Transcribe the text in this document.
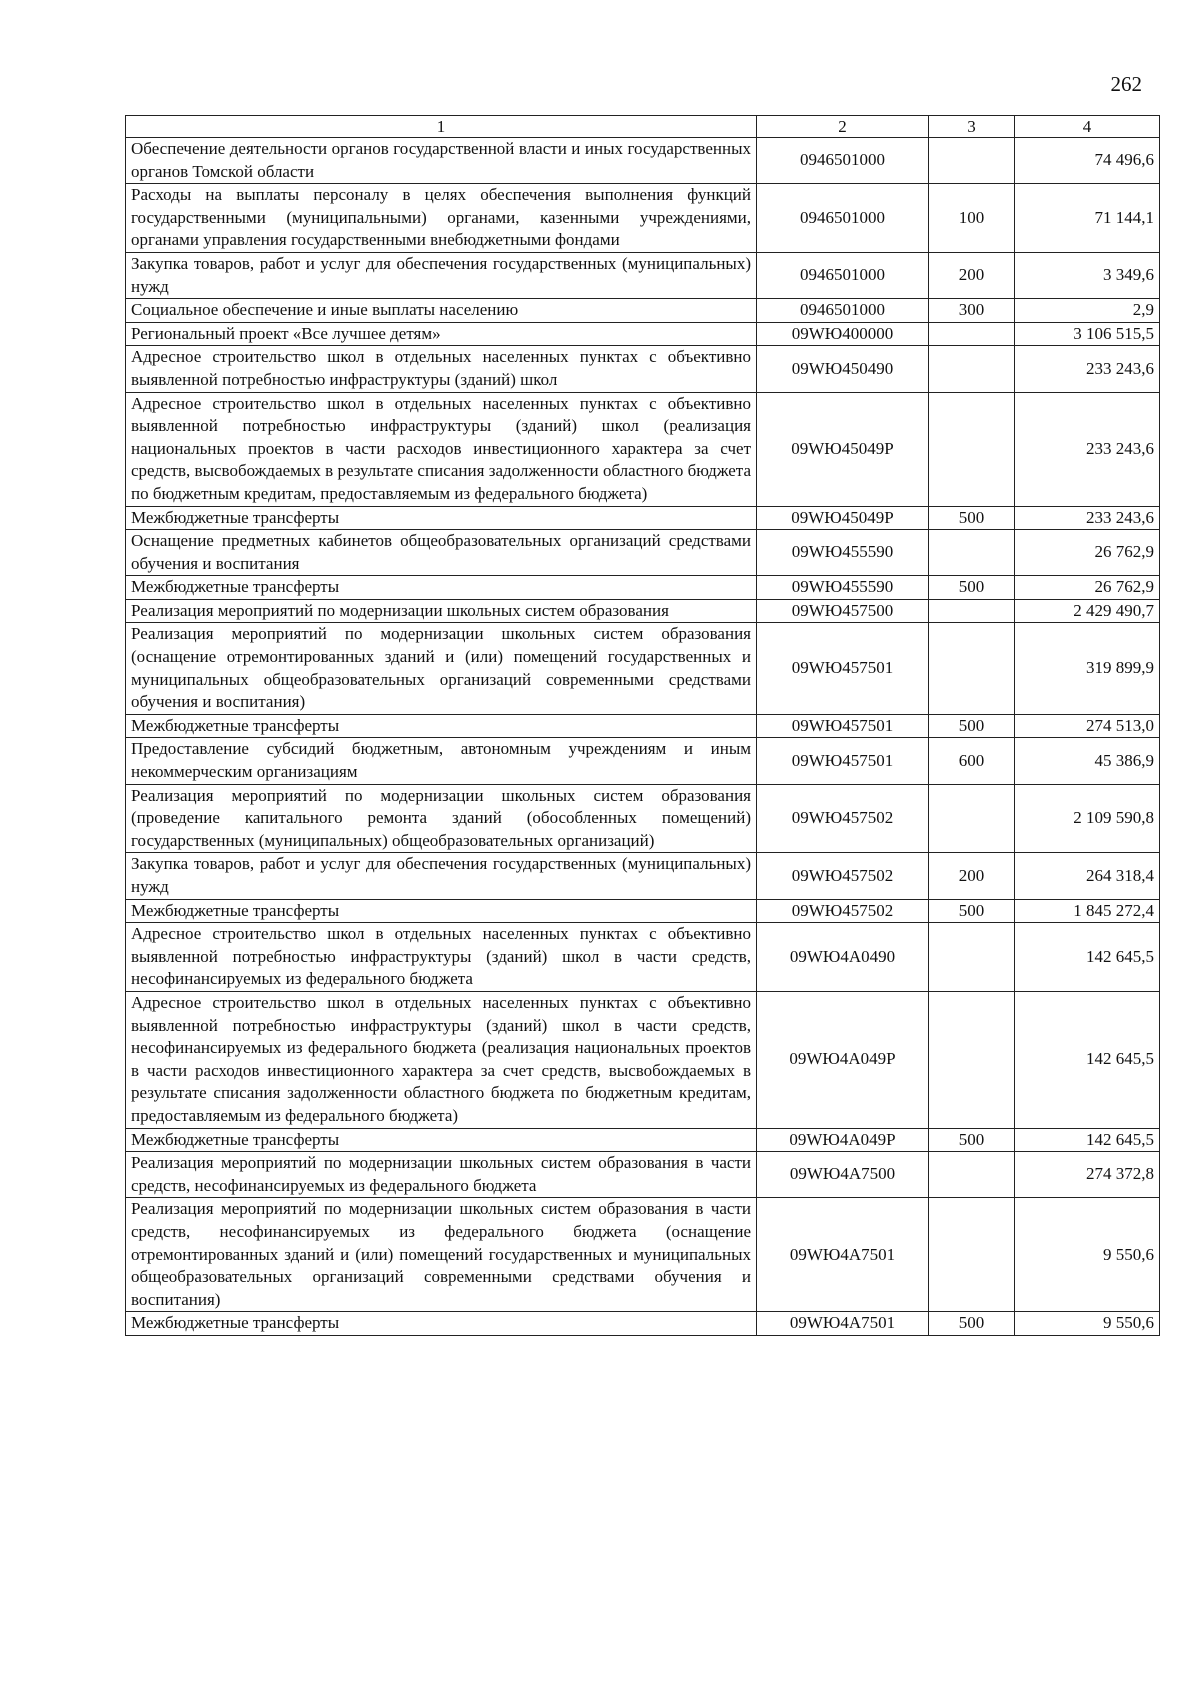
262
1	2	3	4
Обеспечение деятельности органов государственной власти и иных государственных органов Томской области	0946501000		74 496,6
Расходы на выплаты персоналу в целях обеспечения выполнения функций государственными (муниципальными) органами, казенными учреждениями, органами управления государственными внебюджетными фондами	0946501000	100	71 144,1
Закупка товаров, работ и услуг для обеспечения государственных (муниципальных) нужд	0946501000	200	3 349,6
Социальное обеспечение и иные выплаты населению	0946501000	300	2,9
Региональный проект «Все лучшее детям»	09WЮ400000		3 106 515,5
Адресное строительство школ в отдельных населенных пунктах с объективно выявленной потребностью инфраструктуры (зданий) школ	09WЮ450490		233 243,6
Адресное строительство школ в отдельных населенных пунктах с объективно выявленной потребностью инфраструктуры (зданий) школ (реализация национальных проектов в части расходов инвестиционного характера за счет средств, высвобождаемых в результате списания задолженности областного бюджета по бюджетным кредитам, предоставляемым из федерального бюджета)	09WЮ45049P		233 243,6
Межбюджетные трансферты	09WЮ45049P	500	233 243,6
Оснащение предметных кабинетов общеобразовательных организаций средствами обучения и воспитания	09WЮ455590		26 762,9
Межбюджетные трансферты	09WЮ455590	500	26 762,9
Реализация мероприятий по модернизации школьных систем образования	09WЮ457500		2 429 490,7
Реализация мероприятий по модернизации школьных систем образования (оснащение отремонтированных зданий и (или) помещений государственных и муниципальных общеобразовательных организаций современными средствами обучения и воспитания)	09WЮ457501		319 899,9
Межбюджетные трансферты	09WЮ457501	500	274 513,0
Предоставление субсидий бюджетным, автономным учреждениям и иным некоммерческим организациям	09WЮ457501	600	45 386,9
Реализация мероприятий по модернизации школьных систем образования (проведение капитального ремонта зданий (обособленных помещений) государственных (муниципальных) общеобразовательных организаций)	09WЮ457502		2 109 590,8
Закупка товаров, работ и услуг для обеспечения государственных (муниципальных) нужд	09WЮ457502	200	264 318,4
Межбюджетные трансферты	09WЮ457502	500	1 845 272,4
Адресное строительство школ в отдельных населенных пунктах с объективно выявленной потребностью инфраструктуры (зданий) школ в части средств, несофинансируемых из федерального бюджета	09WЮ4A0490		142 645,5
Адресное строительство школ в отдельных населенных пунктах с объективно выявленной потребностью инфраструктуры (зданий) школ в части средств, несофинансируемых из федерального бюджета (реализация национальных проектов в части расходов инвестиционного характера за счет средств, высвобождаемых в результате списания задолженности областного бюджета по бюджетным кредитам, предоставляемым из федерального бюджета)	09WЮ4A049P		142 645,5
Межбюджетные трансферты	09WЮ4A049P	500	142 645,5
Реализация мероприятий по модернизации школьных систем образования в части средств, несофинансируемых из федерального бюджета	09WЮ4A7500		274 372,8
Реализация мероприятий по модернизации школьных систем образования в части средств, несофинансируемых из федерального бюджета (оснащение отремонтированных зданий и (или) помещений государственных и муниципальных общеобразовательных организаций современными средствами обучения и воспитания)	09WЮ4A7501		9 550,6
Межбюджетные трансферты	09WЮ4A7501	500	9 550,6
